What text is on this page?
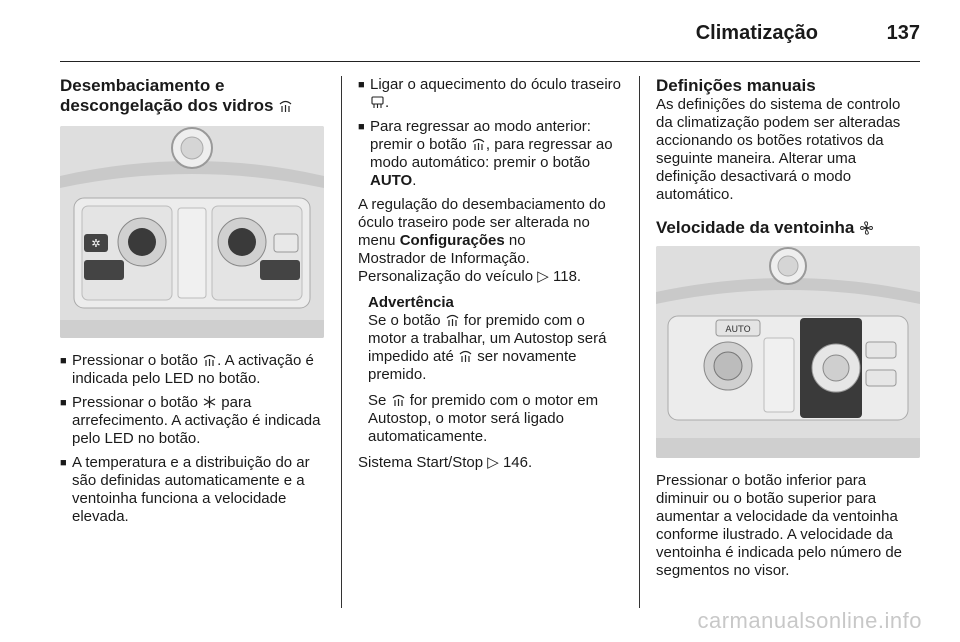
Climatização	137
Desembaciamento e
descongelação dos vidros
✲
■ Pressionar o botão . A activação é indicada pelo LED no botão.
■ Pressionar o botão  para arrefecimento. A activação é indicada pelo LED no botão.
■ A temperatura e a distribuição do ar são definidas automaticamente e a ventoinha funciona a velocidade elevada.
■ Ligar o aquecimento do óculo traseiro .
■ Para regressar ao modo anterior: premir o botão , para regressar ao modo automático: premir o botão AUTO.

A regulação do desembaciamento do óculo traseiro pode ser alterada no menu Configurações no
Mostrador de Informação.
Personalização do veículo ▷ 118.

Advertência

Se o botão for premido com o motor a trabalhar, um Autostop será impedido até ser novamente premido.

Se for premido com o motor em Autostop, o motor será ligado automaticamente.

Sistema Start/Stop ▷ 146.

Definições manuais

As definições do sistema de controlo da climatização podem ser alteradas accionando os botões rotativos da seguinte maneira. Alterar uma definição desactivará o modo automático.

Velocidade da ventoinha
AUTO

Pressionar o botão inferior para diminuir ou o botão superior para aumentar a velocidade da ventoinha conforme ilustrado. A velocidade da ventoinha é indicada pelo número de segmentos no visor.

carmanualsonline.info
